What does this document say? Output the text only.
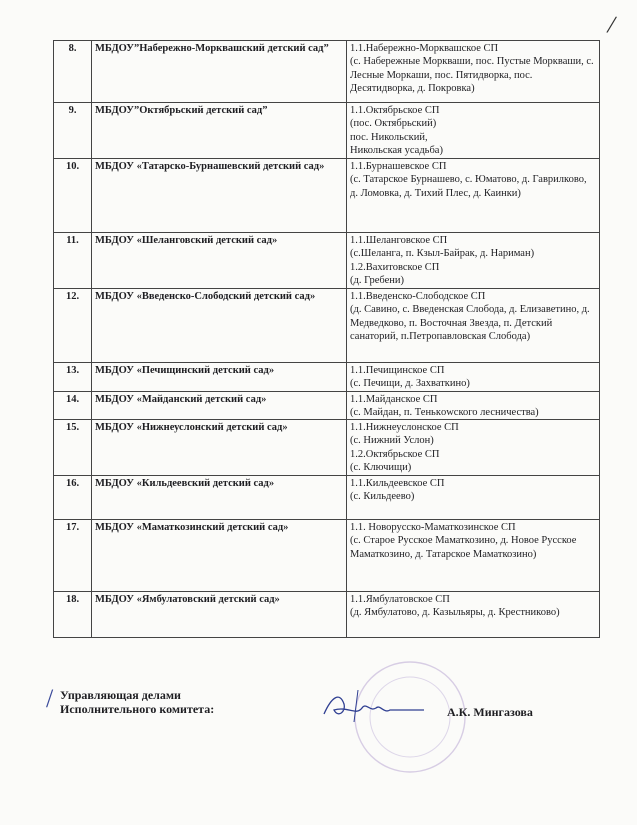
/
8.	МБДОУ”Набережно-Морквашский детский сад”	1.1.Набережно-Морквашское СП
(с. Набережные Моркваши, пос. Пустые Моркваши, с. Лесные Моркаши, пос. Пятидворка, пос. Десятидворка, д. Покровка)
9.	МБДОУ”Октябрьский детский сад”	1.1.Октябрьское СП
(пос. Октябрьский)
пос. Никольский,
Никольская усадьба)
10.	МБДОУ «Татарско-Бурнашевский детский сад»	1.1.Бурнашевское СП
(с. Татарское Бурнашево, с. Юматово, д. Гаврилково, д. Ломовка, д. Тихий Плес, д. Каинки)
11.	МБДОУ «Шеланговский детский сад»	1.1.Шеланговское СП
(с.Шеланга, п. Кзыл-Байрак, д. Нариман)
1.2.Вахитовское СП
(д. Гребени)
12.	МБДОУ «Введенско-Слободский детский сад»	1.1.Введенско-Слободское СП
(д. Савино, с. Введенская Слобода, д. Елизаветино, д. Медведково, п. Восточная Звезда, п. Детский санаторий, п.Петропавловская Слобода)
13.	МБДОУ «Печищинский детский сад»	1.1.Печищинское СП
(с. Печищи, д. Захваткино)
14.	МБДОУ «Майданский детский сад»	1.1.Майданское СП
(с. Майдан, п. Тенькowского лесничества)
15.	МБДОУ «Нижнеуслонский детский сад»	1.1.Нижнеуслонское СП
(с. Нижний Услон)
1.2.Октябрьское СП
(с. Ключищи)
16.	МБДОУ «Кильдеевский детский сад»	1.1.Кильдеевское СП
(с. Кильдеево)
17.	МБДОУ «Маматкозинский детский сад»	1.1. Новорусско-Маматкозинское СП
(с. Старое Русское Маматкозино, д. Новое Русское Маматкозино, д. Татарское Маматкозино)
18.	МБДОУ «Ямбулатовский детский сад»	1.1.Ямбулатовское СП
(д. Ямбулатово, д. Казыльяры, д. Крестниково)
/ Управляющая делами
Исполнительного комитета:	А.К. Мингазова
